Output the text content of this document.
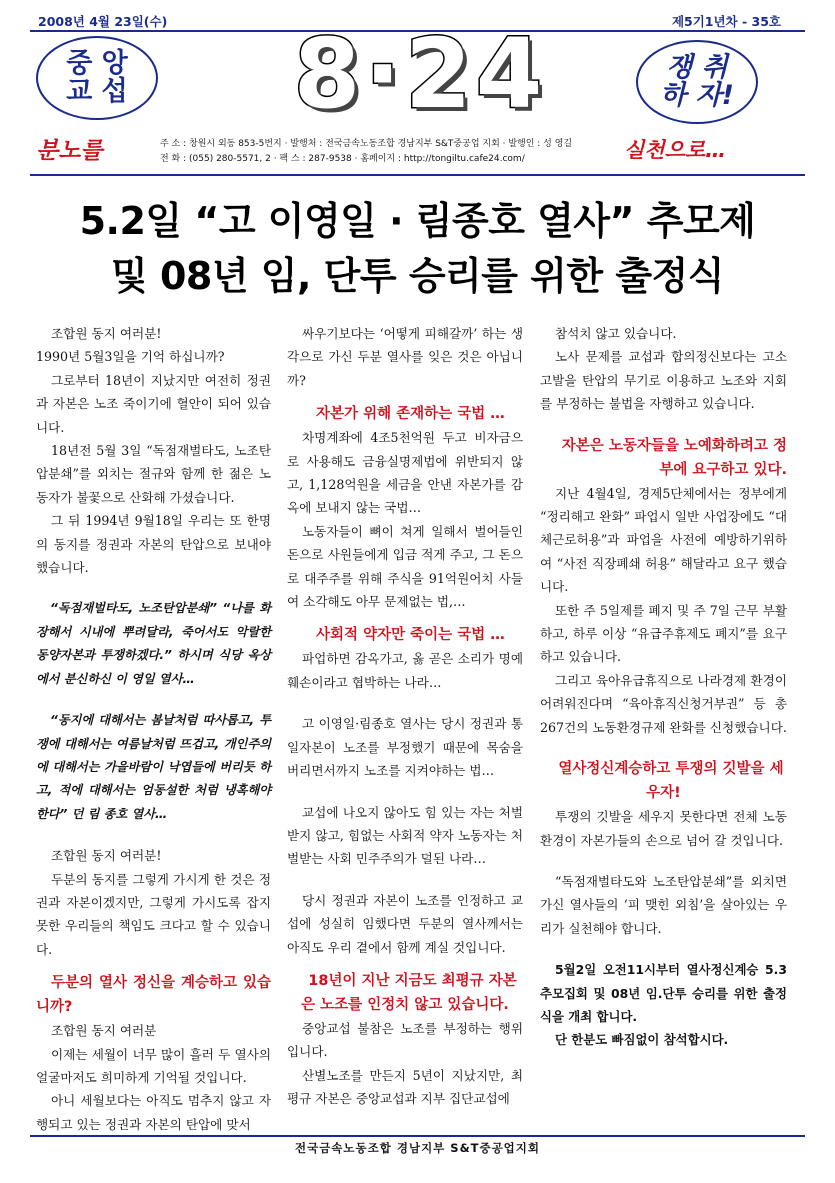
2008년 4월 23일(수)	제5기1년차 - 35호
중 앙
교 섭	8·24	쟁 취
하 자!
분노를	주 소 : 창원시 외동 853-5번지 · 발행처 : 전국금속노동조합 경남지부 S&T중공업 지회 · 발행인 : 성 영길
전 화 : (055) 280-5571, 2 · 팩 스 : 287-9538 · 홈페이지 : http://tongiltu.cafe24.com/	실천으로…
5.2일 “고 이영일 · 림종호 열사” 추모제
및 08년 임, 단투 승리를 위한 출정식

조합원 동지 여러분!

1990년 5월3일을 기억 하십니까?

그로부터 18년이 지났지만 여전히 정권과 자본은 노조 죽이기에 혈안이 되어 있습니다.

18년전 5월 3일 “독점재벌타도, 노조탄압분쇄”를 외치는 절규와 함께 한 젊은 노동자가 불꽃으로 산화해 가셨습니다.

그 뒤 1994년 9월18일 우리는 또 한명의 동지를 정권과 자본의 탄압으로 보내야 했습니다.

“독점재벌타도, 노조탄압분쇄” “나를 화장해서 시내에 뿌려달라, 죽어서도 악랄한 동양자본과 투쟁하겠다.” 하시며 식당 옥상에서 분신하신 이 영일 열사…

“동지에 대해서는 봄날처럼 따사롭고, 투쟁에 대해서는 여름날처럼 뜨겁고, 개인주의에 대해서는 가을바람이 낙엽들에 버리듯 하고, 적에 대해서는 엄동설한 처럼 냉혹해야 한다” 던 림 종호 열사…

조합원 동지 여러분!

두분의 동지를 그렇게 가시게 한 것은 정권과 자본이겠지만, 그렇게 가시도록 잡지 못한 우리들의 책임도 크다고 할 수 있습니다.

두분의 열사 정신을 계승하고 있습니까?

조합원 동지 여러분

이제는 세월이 너무 많이 흘러 두 열사의 얼굴마저도 희미하게 기억될 것입니다.

아니 세월보다는 아직도 멈추지 않고 자행되고 있는 정권과 자본의 탄압에 맞서

싸우기보다는 ‘어떻게 피해갈까’ 하는 생각으로 가신 두분 열사를 잊은 것은 아닙니까?

자본가 위해 존재하는 국법 …

차명계좌에 4조5천억원 두고 비자금으로 사용해도 금융실명제법에 위반되지 않고, 1,128억원을 세금을 안낸 자본가를 감옥에 보내지 않는 국법…

노동자들이 뼈이 쳐게 일해서 벌어들인 돈으로 사원들에게 입금 적게 주고, 그 돈으로 대주주를 위해 주식을 91억원어치 사들여 소각해도 아무 문제없는 법,…

사회적 약자만 죽이는 국법 …

파업하면 감옥가고, 옳 곧은 소리가 명예훼손이라고 협박하는 나라…

고 이영일·림종호 열사는 당시 정권과 통일자본이 노조를 부정했기 때문에 목숨을 버리면서까지 노조를 지켜야하는 법…

교섭에 나오지 않아도 힘 있는 자는 처벌 받지 않고, 힘없는 사회적 약자 노동자는 처벌받는 사회 민주주의가 덜된 나라…

당시 정권과 자본이 노조를 인정하고 교섭에 성실히 임했다면 두분의 열사께서는 아직도 우리 곁에서 함께 계실 것입니다.

18년이 지난 지금도 최평규 자본은 노조를 인정치 않고 있습니다.

중앙교섭 불참은 노조를 부정하는 행위입니다.

산별노조를 만든지 5년이 지났지만, 최평규 자본은 중앙교섭과 지부 집단교섭에

참석치 않고 있습니다.

노사 문제를 교섭과 합의정신보다는 고소 고발을 탄압의 무기로 이용하고 노조와 지회를 부정하는 불법을 자행하고 있습니다.

자본은 노동자들을 노예화하려고 정부에 요구하고 있다.

지난 4월4일, 경제5단체에서는 정부에게 “정리해고 완화” 파업시 일반 사업장에도 “대체근로허용”과 파업을 사전에 예방하기위하여 “사전 직장폐쇄 허용” 해달라고 요구 했습니다.

또한 주 5일제를 폐지 및 주 7일 근무 부활 하고, 하루 이상 “유급주휴제도 폐지”를 요구하고 있습니다.

그리고 육아유급휴직으로 나라경제 환경이 어려워진다며 “육아휴직신청거부권” 등 총 267건의 노동환경규제 완화를 신청했습니다.

열사정신계승하고 투쟁의 깃발을 세우자!

투쟁의 깃발을 세우지 못한다면 전체 노동환경이 자본가들의 손으로 넘어 갈 것입니다.

“독점재벌타도와 노조탄압분쇄”를 외치면 가신 열사들의 ‘피 맺힌 외침’을 살아있는 우리가 실천해야 합니다.

5월2일 오전11시부터 열사정신계승 5.3추모집회 및 08년 임.단투 승리를 위한 출정식을 개최 합니다.

단 한분도 빠짐없이 참석합시다.

전국금속노동조합 경남지부 S&T중공업지회
